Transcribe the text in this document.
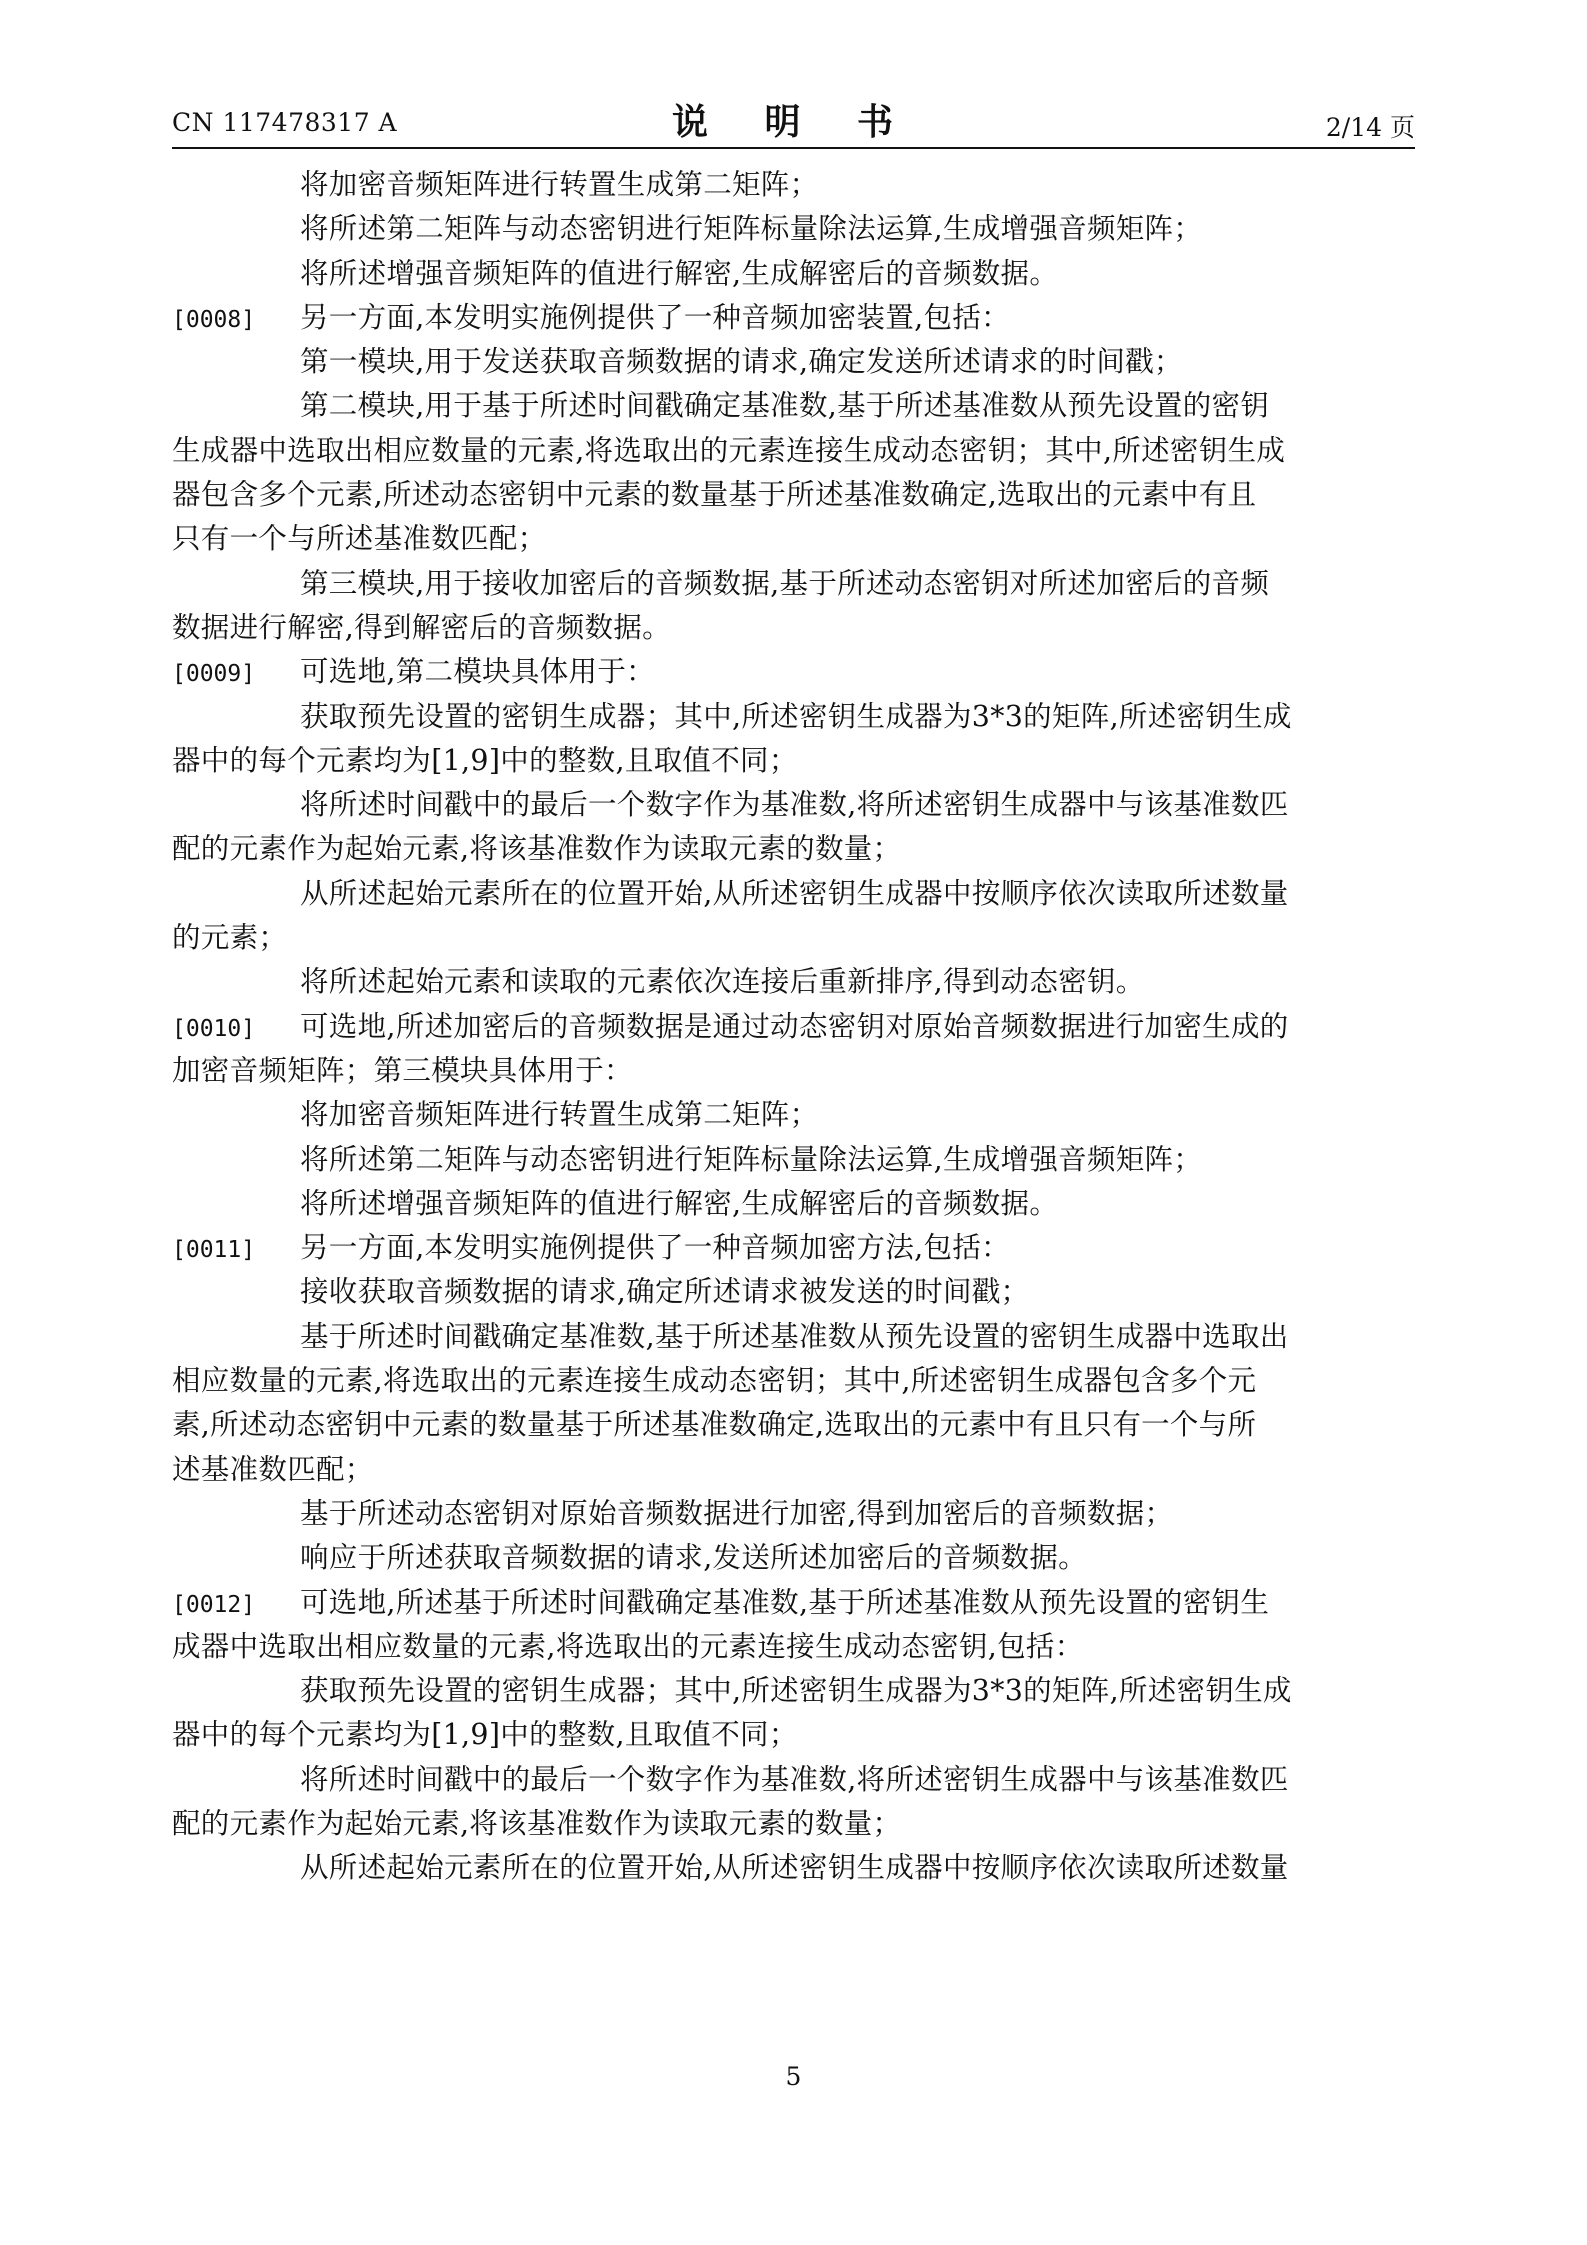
CN 117478317 A	说 明 书	2/14 页
将加密音频矩阵进行转置生成第二矩阵；
将所述第二矩阵与动态密钥进行矩阵标量除法运算,生成增强音频矩阵；
将所述增强音频矩阵的值进行解密,生成解密后的音频数据。
[0008] 另一方面,本发明实施例提供了一种音频加密装置,包括：
第一模块,用于发送获取音频数据的请求,确定发送所述请求的时间戳；
第二模块,用于基于所述时间戳确定基准数,基于所述基准数从预先设置的密钥
生成器中选取出相应数量的元素,将选取出的元素连接生成动态密钥；其中,所述密钥生成
器包含多个元素,所述动态密钥中元素的数量基于所述基准数确定,选取出的元素中有且
只有一个与所述基准数匹配；
第三模块,用于接收加密后的音频数据,基于所述动态密钥对所述加密后的音频
数据进行解密,得到解密后的音频数据。
[0009] 可选地,第二模块具体用于：
获取预先设置的密钥生成器；其中,所述密钥生成器为3*3的矩阵,所述密钥生成
器中的每个元素均为[1,9]中的整数,且取值不同；
将所述时间戳中的最后一个数字作为基准数,将所述密钥生成器中与该基准数匹
配的元素作为起始元素,将该基准数作为读取元素的数量；
从所述起始元素所在的位置开始,从所述密钥生成器中按顺序依次读取所述数量
的元素；
将所述起始元素和读取的元素依次连接后重新排序,得到动态密钥。
[0010] 可选地,所述加密后的音频数据是通过动态密钥对原始音频数据进行加密生成的
加密音频矩阵；第三模块具体用于：
将加密音频矩阵进行转置生成第二矩阵；
将所述第二矩阵与动态密钥进行矩阵标量除法运算,生成增强音频矩阵；
将所述增强音频矩阵的值进行解密,生成解密后的音频数据。
[0011] 另一方面,本发明实施例提供了一种音频加密方法,包括：
接收获取音频数据的请求,确定所述请求被发送的时间戳；
基于所述时间戳确定基准数,基于所述基准数从预先设置的密钥生成器中选取出
相应数量的元素,将选取出的元素连接生成动态密钥；其中,所述密钥生成器包含多个元
素,所述动态密钥中元素的数量基于所述基准数确定,选取出的元素中有且只有一个与所
述基准数匹配；
基于所述动态密钥对原始音频数据进行加密,得到加密后的音频数据；
响应于所述获取音频数据的请求,发送所述加密后的音频数据。
[0012] 可选地,所述基于所述时间戳确定基准数,基于所述基准数从预先设置的密钥生
成器中选取出相应数量的元素,将选取出的元素连接生成动态密钥,包括：
获取预先设置的密钥生成器；其中,所述密钥生成器为3*3的矩阵,所述密钥生成
器中的每个元素均为[1,9]中的整数,且取值不同；
将所述时间戳中的最后一个数字作为基准数,将所述密钥生成器中与该基准数匹
配的元素作为起始元素,将该基准数作为读取元素的数量；
从所述起始元素所在的位置开始,从所述密钥生成器中按顺序依次读取所述数量
5
